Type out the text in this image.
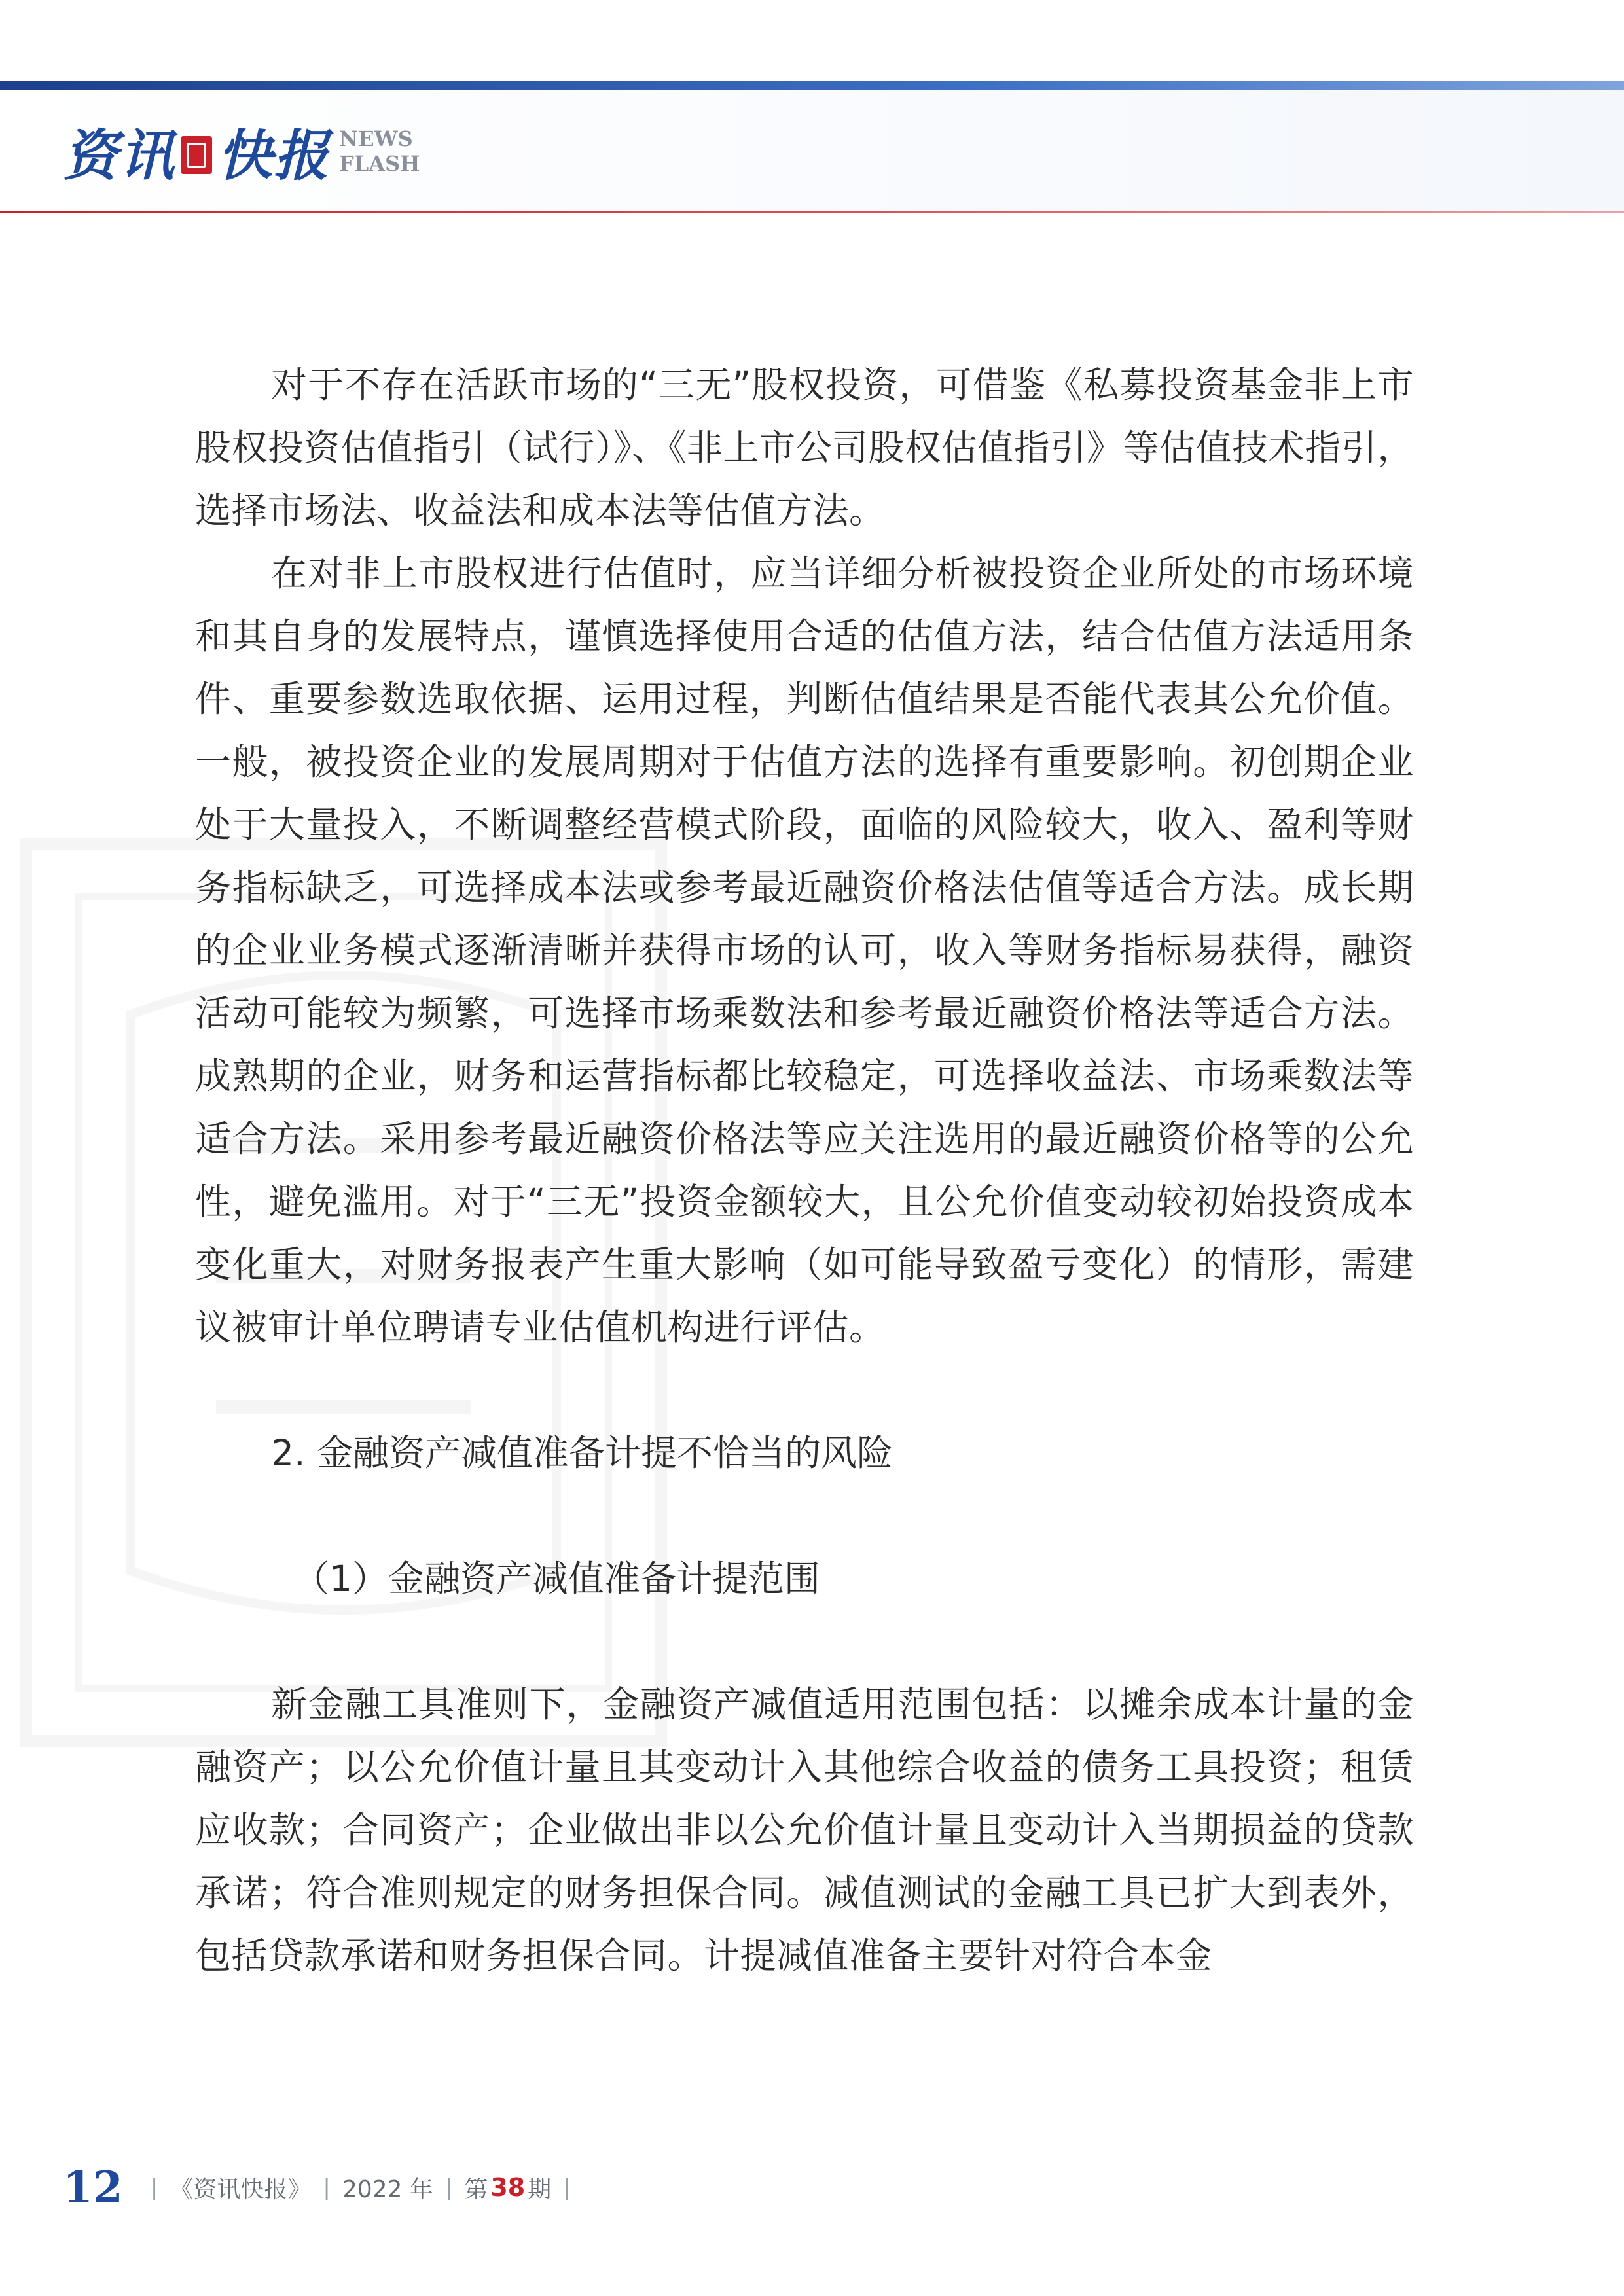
资讯 快报 NEWS
FLASH

对于不存在活跃市场的“三无”股权投资，可借鉴《私募投资基金非上市股权投资估值指引（试行）》、《非上市公司股权估值指引》等估值技术指引，选择市场法、收益法和成本法等估值方法。

在对非上市股权进行估值时，应当详细分析被投资企业所处的市场环境和其自身的发展特点，谨慎选择使用合适的估值方法，结合估值方法适用条件、重要参数选取依据、运用过程，判断估值结果是否能代表其公允价值。一般，被投资企业的发展周期对于估值方法的选择有重要影响。初创期企业处于大量投入，不断调整经营模式阶段，面临的风险较大，收入、盈利等财务指标缺乏，可选择成本法或参考最近融资价格法估值等适合方法。成长期的企业业务模式逐渐清晰并获得市场的认可，收入等财务指标易获得，融资活动可能较为频繁，可选择市场乘数法和参考最近融资价格法等适合方法。成熟期的企业，财务和运营指标都比较稳定，可选择收益法、市场乘数法等适合方法。采用参考最近融资价格法等应关注选用的最近融资价格等的公允性，避免滥用。对于“三无”投资金额较大，且公允价值变动较初始投资成本变化重大，对财务报表产生重大影响（如可能导致盈亏变化）的情形，需建议被审计单位聘请专业估值机构进行评估。

2. 金融资产减值准备计提不恰当的风险

（1）金融资产减值准备计提范围

新金融工具准则下，金融资产减值适用范围包括：以摊余成本计量的金融资产；以公允价值计量且其变动计入其他综合收益的债务工具投资；租赁应收款；合同资产；企业做出非以公允价值计量且变动计入当期损益的贷款承诺；符合准则规定的财务担保合同。减值测试的金融工具已扩大到表外，包括贷款承诺和财务担保合同。计提减值准备主要针对符合本金

12 | 《资讯快报》 | 2022 年 | 第 38 期 |
